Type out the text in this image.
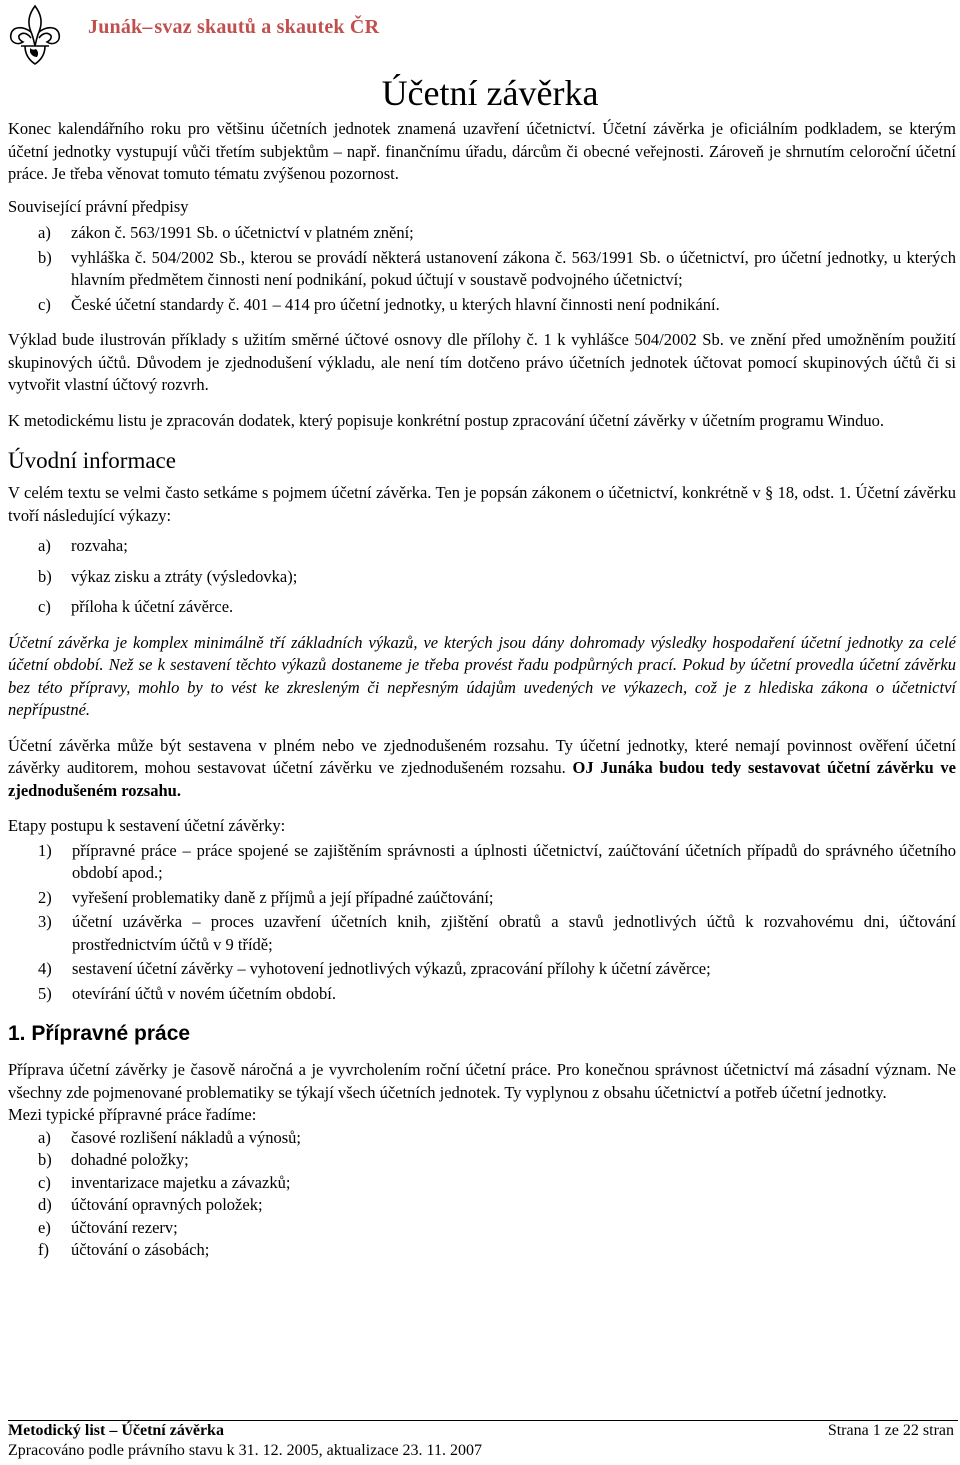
Junák–svaz skautů a skautek ČR
Účetní závěrka

Konec kalendářního roku pro většinu účetních jednotek znamená uzavření účetnictví. Účetní závěrka je oficiálním podkladem, se kterým účetní jednotky vystupují vůči třetím subjektům – např. finančnímu úřadu, dárcům či obecné veřejnosti. Zároveň je shrnutím celoroční účetní práce. Je třeba věnovat tomuto tématu zvýšenou pozornost.

Související právní předpisy

a) zákon č. 563/1991 Sb. o účetnictví v platném znění;
b) vyhláška č. 504/2002 Sb., kterou se provádí některá ustanovení zákona č. 563/1991 Sb. o účetnictví, pro účetní jednotky, u kterých hlavním předmětem činnosti není podnikání, pokud účtují v soustavě podvojného účetnictví;
c) České účetní standardy č. 401 – 414 pro účetní jednotky, u kterých hlavní činnosti není podnikání.

Výklad bude ilustrován příklady s užitím směrné účtové osnovy dle přílohy č. 1 k vyhlášce 504/2002 Sb. ve znění před umožněním použití skupinových účtů. Důvodem je zjednodušení výkladu, ale není tím dotčeno právo účetních jednotek účtovat pomocí skupinových účtů či si vytvořit vlastní účtový rozvrh.

K metodickému listu je zpracován dodatek, který popisuje konkrétní postup zpracování účetní závěrky v účetním programu Winduo.

Úvodní informace

V celém textu se velmi často setkáme s pojmem účetní závěrka. Ten je popsán zákonem o účetnictví, konkrétně v § 18, odst. 1. Účetní závěrku tvoří následující výkazy:

a) rozvaha;
b) výkaz zisku a ztráty (výsledovka);
c) příloha k účetní závěrce.

Účetní závěrka je komplex minimálně tří základních výkazů, ve kterých jsou dány dohromady výsledky hospodaření účetní jednotky za celé účetní období. Než se k sestavení těchto výkazů dostaneme je třeba provést řadu podpůrných prací. Pokud by účetní provedla účetní závěrku bez této přípravy, mohlo by to vést ke zkresleným či nepřesným údajům uvedených ve výkazech, což je z hlediska zákona o účetnictví nepřípustné.

Účetní závěrka může být sestavena v plném nebo ve zjednodušeném rozsahu. Ty účetní jednotky, které nemají povinnost ověření účetní závěrky auditorem, mohou sestavovat účetní závěrku ve zjednodušeném rozsahu. OJ Junáka budou tedy sestavovat účetní závěrku ve zjednodušeném rozsahu.

Etapy postupu k sestavení účetní závěrky:

1) přípravné práce – práce spojené se zajištěním správnosti a úplnosti účetnictví, zaúčtování účetních případů do správného účetního období apod.;
2) vyřešení problematiky daně z příjmů a její případné zaúčtování;
3) účetní uzávěrka – proces uzavření účetních knih, zjištění obratů a stavů jednotlivých účtů k rozvahovému dni, účtování prostřednictvím účtů v 9 třídě;
4) sestavení účetní závěrky – vyhotovení jednotlivých výkazů, zpracování přílohy k účetní závěrce;
5) otevírání účtů v novém účetním období.
1. Přípravné práce

Příprava účetní závěrky je časově náročná a je vyvrcholením roční účetní práce. Pro konečnou správnost účetnictví má zásadní význam. Ne všechny zde pojmenované problematiky se týkají všech účetních jednotek. Ty vyplynou z obsahu účetnictví a potřeb účetní jednotky.

Mezi typické přípravné práce řadíme:

a) časové rozlišení nákladů a výnosů;
b) dohadné položky;
c) inventarizace majetku a závazků;
d) účtování opravných položek;
e) účtování rezerv;
f) účtování o zásobách;
Metodický list – Účetní závěrka	Strana 1 ze 22 stran
Zpracováno podle právního stavu k 31. 12. 2005, aktualizace 23. 11. 2007
